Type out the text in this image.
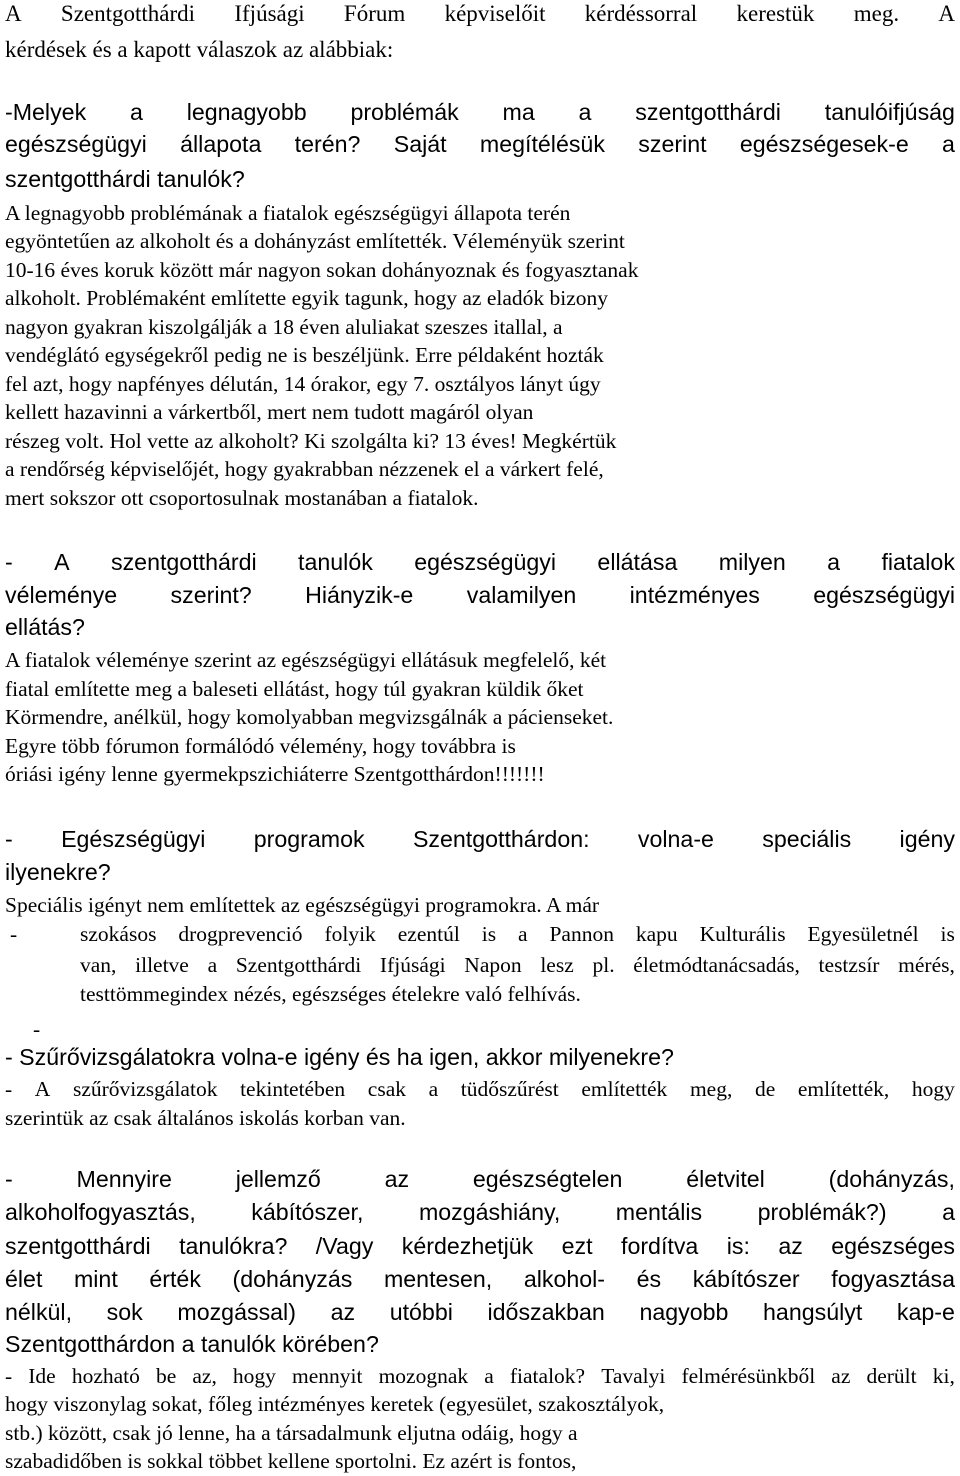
A Szentgotthárdi Ifjúsági Fórum képviselőit kérdéssorral kerestük meg. A
kérdések és a kapott válaszok az alábbiak:
-Melyek a legnagyobb problémák ma a szentgotthárdi tanulóifjúság
egészségügyi állapota terén? Saját megítélésük szerint egészségesek-e a
szentgotthárdi tanulók?
A legnagyobb problémának a fiatalok egészségügyi állapota terén
egyöntetűen az alkoholt és a dohányzást említették. Véleményük szerint
10-16 éves koruk között már nagyon sokan dohányoznak és fogyasztanak
alkoholt. Problémaként említette egyik tagunk, hogy az eladók bizony
nagyon gyakran kiszolgálják a 18 éven aluliakat szeszes itallal, a
vendéglátó egységekről pedig ne is beszéljünk. Erre példaként hozták
fel azt, hogy napfényes délután, 14 órakor, egy 7. osztályos lányt úgy
kellett hazavinni a várkertből, mert nem tudott magáról olyan
részeg volt. Hol vette az alkoholt? Ki szolgálta ki? 13 éves! Megkértük
a rendőrség képviselőjét, hogy gyakrabban nézzenek el a várkert felé,
mert sokszor ott csoportosulnak mostanában a fiatalok.
- A szentgotthárdi tanulók egészségügyi ellátása milyen a fiatalok
véleménye szerint? Hiányzik-e valamilyen intézményes egészségügyi
ellátás?
A fiatalok véleménye szerint az egészségügyi ellátásuk megfelelő, két
fiatal említette meg a baleseti ellátást, hogy túl gyakran küldik őket
Körmendre, anélkül, hogy komolyabban megvizsgálnák a pácienseket.
Egyre több fórumon formálódó vélemény, hogy továbbra is
óriási igény lenne gyermekpszichiáterre Szentgotthárdon!!!!!!!
- Egészségügyi programok Szentgotthárdon: volna-e speciális igény
ilyenekre?
Speciális igényt nem említettek az egészségügyi programokra. A már
-	szokásos drogprevenció folyik ezentúl is a Pannon kapu Kulturális Egyesületnél is
van, illetve a Szentgotthárdi Ifjúsági Napon lesz pl. életmódtanácsadás, testzsír mérés,
testtömmegindex nézés, egészséges ételekre való felhívás.
-
- Szűrővizsgálatokra volna-e igény és ha igen, akkor milyenekre?
- A szűrővizsgálatok tekintetében csak a tüdőszűrést említették meg, de említették, hogy
szerintük az csak általános iskolás korban van.
-	Mennyire	jellemző	az	egészségtelen	életvitel	(dohányzás,
alkoholfogyasztás, kábítószer, mozgáshiány, mentális problémák?) a
szentgotthárdi tanulókra? /Vagy kérdezhetjük ezt fordítva is: az egészséges
élet mint érték (dohányzás mentesen, alkohol- és kábítószer fogyasztása
nélkül, sok mozgással) az utóbbi időszakban nagyobb hangsúlyt kap-e
Szentgotthárdon a tanulók körében?
- Ide hozható be az, hogy mennyit mozognak a fiatalok? Tavalyi felmérésünkből az derült ki,
hogy viszonylag sokat, főleg intézményes keretek (egyesület, szakosztályok,
stb.) között, csak jó lenne, ha a társadalmunk eljutna odáig, hogy a
szabadidőben is sokkal többet kellene sportolni. Ez azért is fontos,
